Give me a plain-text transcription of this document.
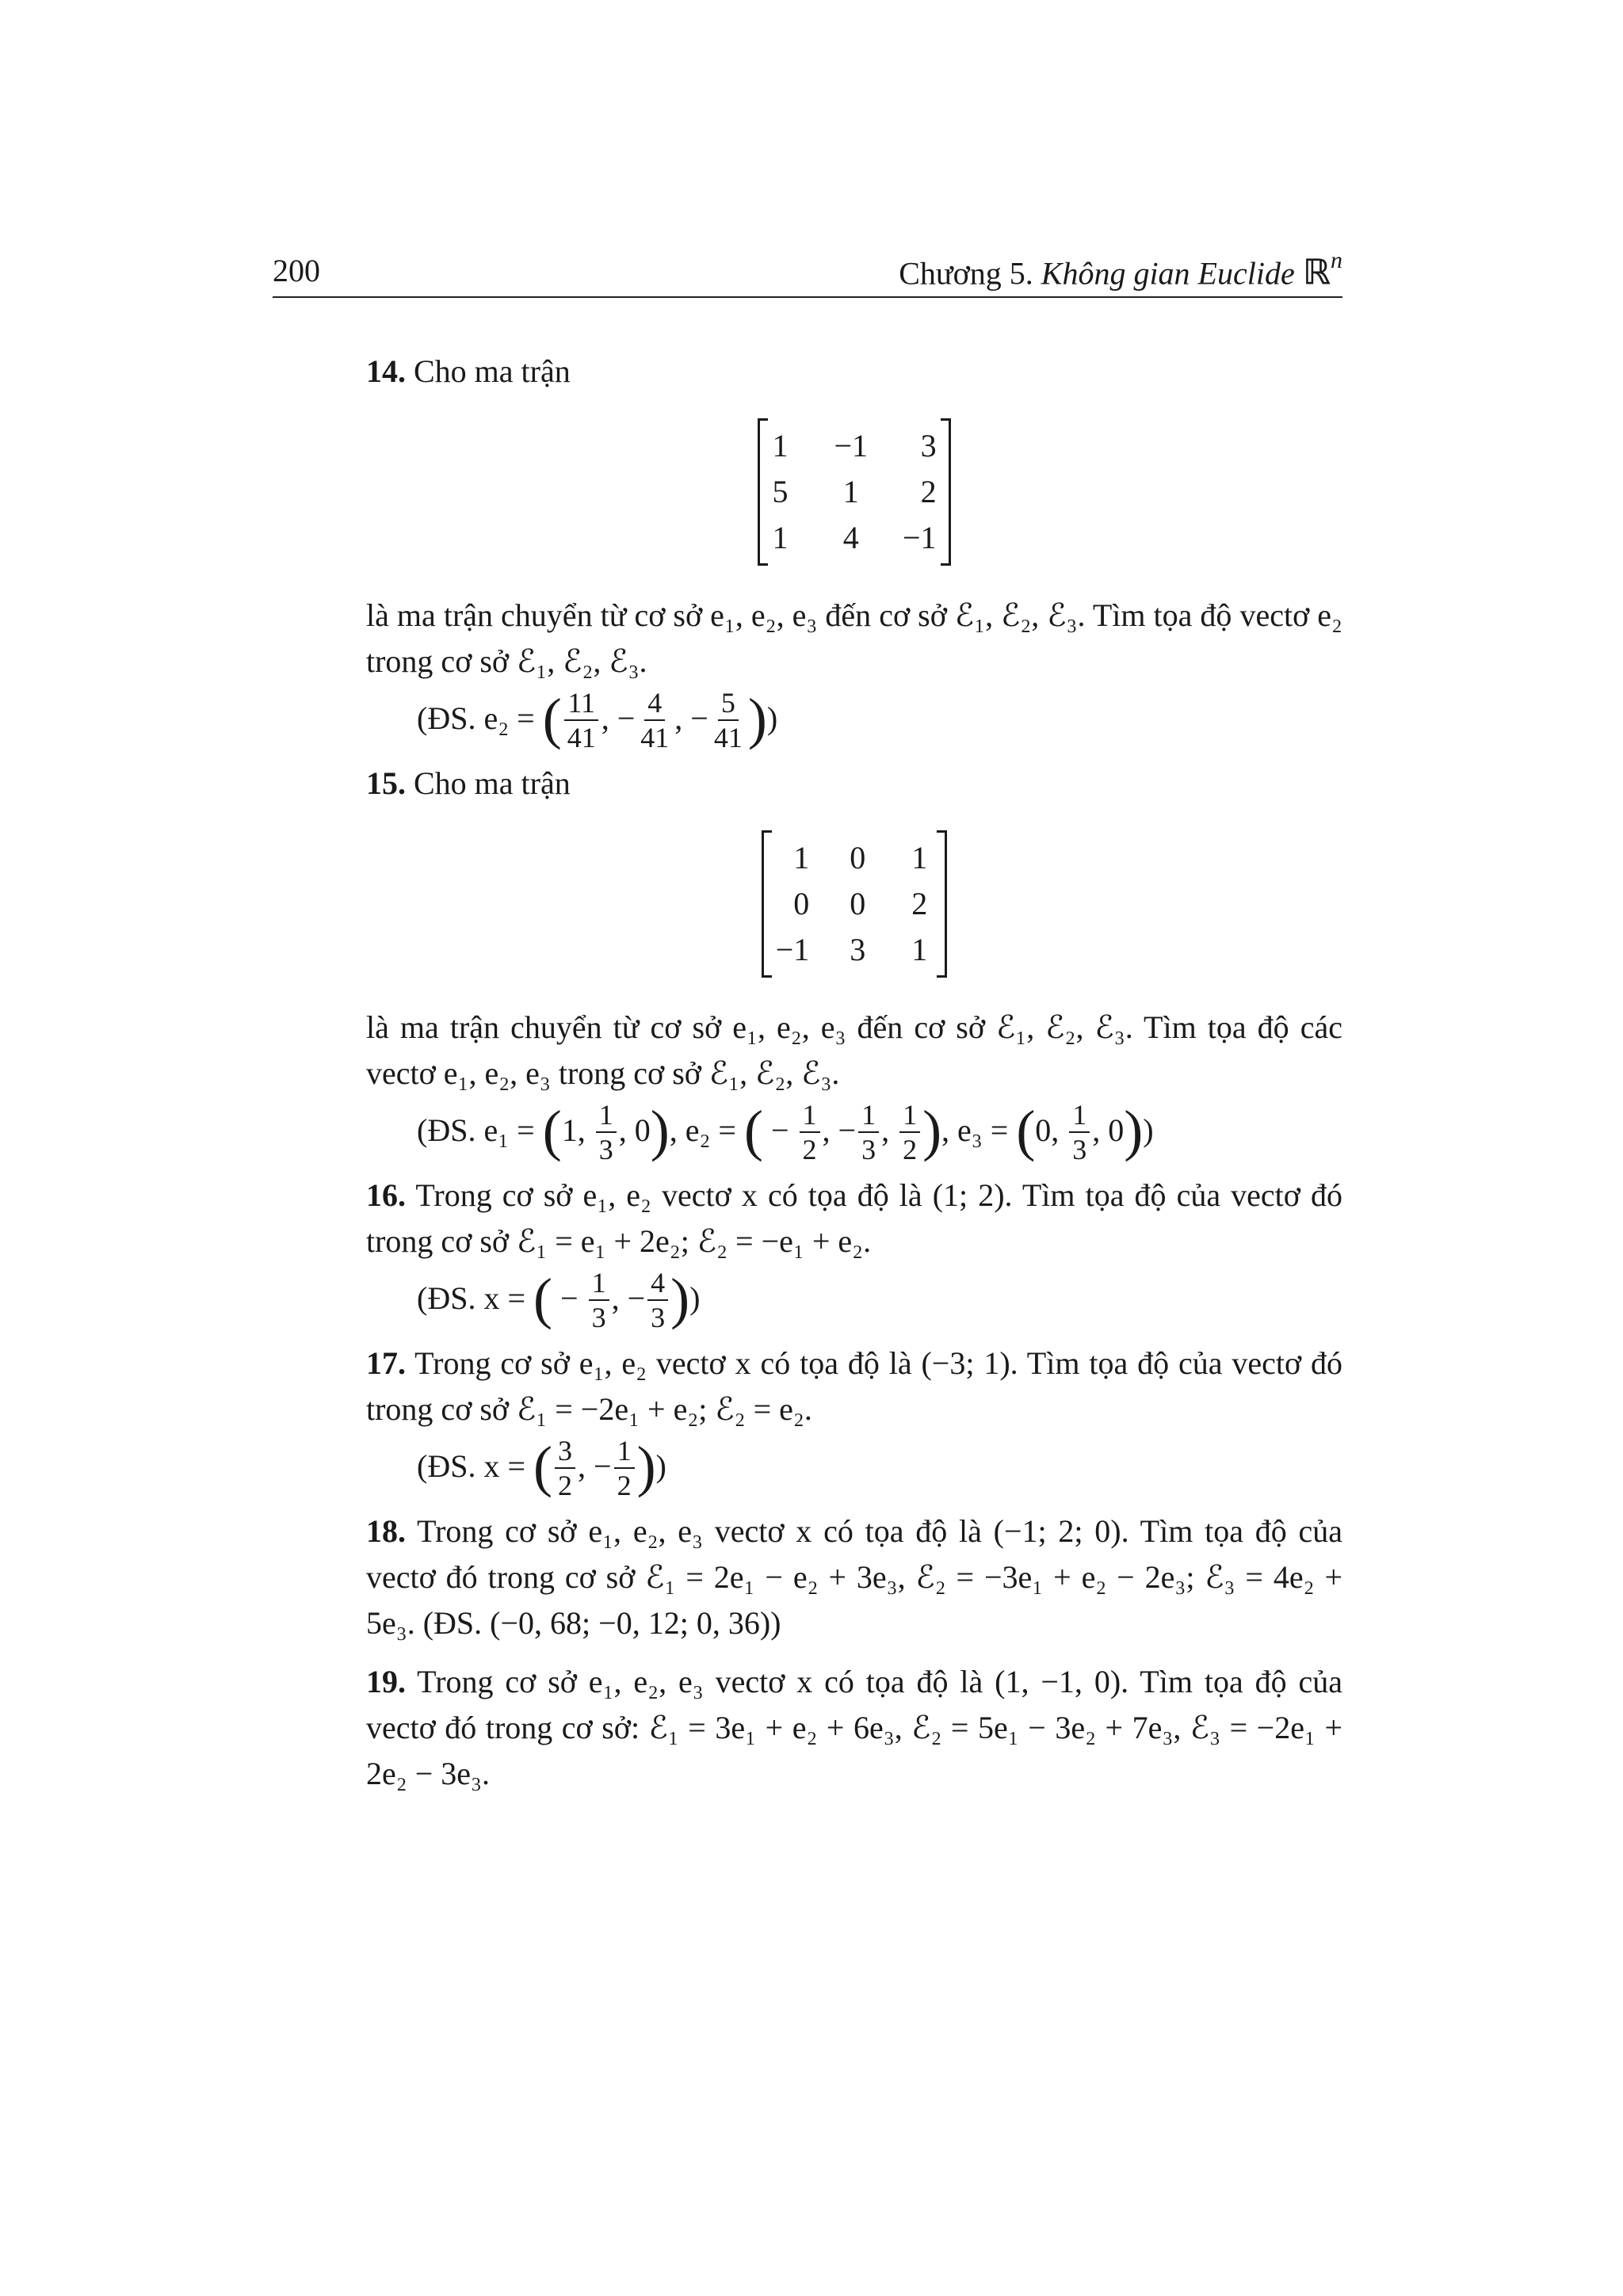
200	Chương 5. Không gian Euclide ℝ$^n$

14. Cho ma trận

1	−1	3
5	1	2
1	4 −1

là ma trận chuyển từ cơ sở e₁, e₂, e₃ đến cơ sở ℰ₁, ℰ₂, ℰ₃. Tìm tọa độ vectơ e₂ trong cơ sở ℰ₁, ℰ₂, ℰ₃.

(ĐS. e₂ = ( $\frac{11}{41}$ , − $\frac{4}{41}$ , − $\frac{5}{41}$ ))

15. Cho ma trận

1 0 1
0 0 2
−1 3 1

là ma trận chuyển từ cơ sở e₁, e₂, e₃ đến cơ sở ℰ₁, ℰ₂, ℰ₃. Tìm tọa độ các vectơ e₁, e₂, e₃ trong cơ sở ℰ₁, ℰ₂, ℰ₃.

(ĐS. e₁ = (1, $\frac{1}{3}$ , 0), e₂ = ( − $\frac{1}{2}$ , − $\frac{1}{3}$ , $\frac{1}{2}$ ), e₃ = (0, $\frac{1}{3}$ , 0))

16. Trong cơ sở e₁, e₂ vectơ x có tọa độ là (1; 2). Tìm tọa độ của vectơ đó trong cơ sở ℰ₁ = e₁ + 2e₂; ℰ₂ = −e₁ + e₂.

(ĐS. x = ( − $\frac{1}{3}$ , − $\frac{4}{3}$ ))

17. Trong cơ sở e₁, e₂ vectơ x có tọa độ là (−3; 1). Tìm tọa độ của vectơ đó trong cơ sở ℰ₁ = −2e₁ + e₂; ℰ₂ = e₂.

(ĐS. x = ( $\frac{3}{2}$ , − $\frac{1}{2}$ ))

18. Trong cơ sở e₁, e₂, e₃ vectơ x có tọa độ là (−1; 2; 0). Tìm tọa độ của vectơ đó trong cơ sở ℰ₁ = 2e₁ − e₂ + 3e₃, ℰ₂ = −3e₁ + e₂ − 2e₃; ℰ₃ = 4e₂ + 5e₃. (ĐS. (−0, 68; −0, 12; 0, 36))

19. Trong cơ sở e₁, e₂, e₃ vectơ x có tọa độ là (1, −1, 0). Tìm tọa độ của vectơ đó trong cơ sở: ℰ₁ = 3e₁ + e₂ + 6e₃, ℰ₂ = 5e₁ − 3e₂ + 7e₃, ℰ₃ = −2e₁ + 2e₂ − 3e₃.
